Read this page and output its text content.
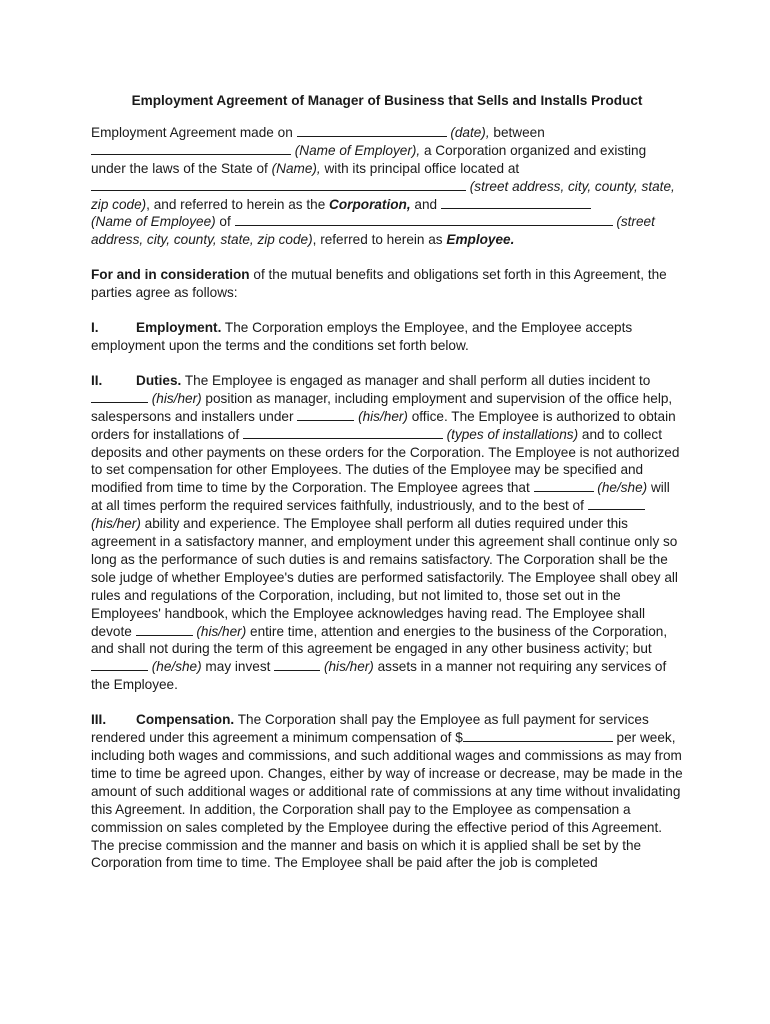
Employment Agreement of Manager of Business that Sells and Installs Product

Employment Agreement made on	(date), between
(Name of Employer), a Corporation organized and existing under the laws of the State of (Name), with its principal office located at
(street address, city, county, state, zip code), and referred to herein as the Corporation, and
(Name of Employee) of	(street address, city, county, state, zip code), referred to herein as Employee.

For and in consideration of the mutual benefits and obligations set forth in this Agreement, the parties agree as follows:

I.	Employment. The Corporation employs the Employee, and the Employee accepts employment upon the terms and the conditions set forth below.

II. Duties. The Employee is engaged as manager and shall perform all duties incident to  (his/her) position as manager, including employment and supervision of the office help, salespersons and installers under	(his/her) office. The Employee is authorized to obtain orders for installations of	(types of installations) and to collect deposits and other payments on these orders for the Corporation. The Employee is not authorized to set compensation for other Employees. The duties of the Employee may be specified and modified from time to time by the Corporation. The Employee agrees that	(he/she) will at all times perform the required services faithfully, industriously, and to the best of  (his/her) ability and experience. The Employee shall perform all duties required under this agreement in a satisfactory manner, and employment under this agreement shall continue only so long as the performance of such duties is and remains satisfactory. The Corporation shall be the sole judge of whether Employee's duties are performed satisfactorily. The Employee shall obey all rules and regulations of the Corporation, including, but not limited to, those set out in the Employees' handbook, which the Employee acknowledges having read. The Employee shall devote	(his/her) entire time, attention and energies to the business of the Corporation, and shall not during the term of this agreement be engaged in any other business activity; but  (he/she) may invest	(his/her) assets in a manner not requiring any services of the Employee.

III. Compensation. The Corporation shall pay the Employee as full payment for services rendered under this agreement a minimum compensation of $	per week, including both wages and commissions, and such additional wages and commissions as may from time to time be agreed upon. Changes, either by way of increase or decrease, may be made in the amount of such additional wages or additional rate of commissions at any time without invalidating this Agreement. In addition, the Corporation shall pay to the Employee as compensation a commission on sales completed by the Employee during the effective period of this Agreement. The precise commission and the manner and basis on which it is applied shall be set by the Corporation from time to time. The Employee shall be paid after the job is completed
